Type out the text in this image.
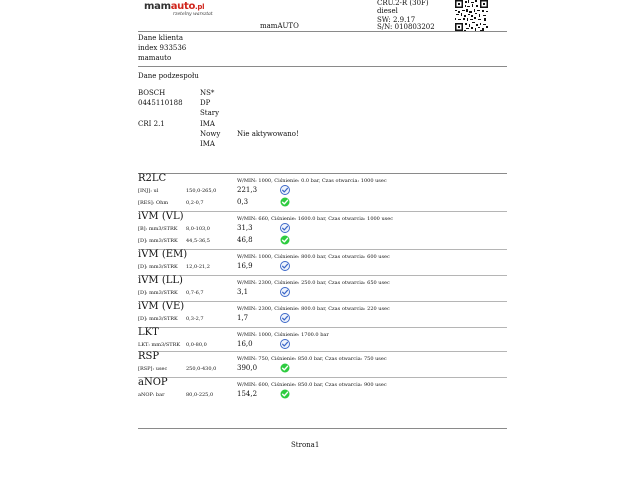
mamauto.pl
rzetelny warsztat
mamAUTO
CRU.2-R (30F)
diesel
SW: 2.9.17
S/N: 010803202
Dane klienta
index 933536
mamauto
Dane podzespołu
BOSCH
0445110188
CRI 2.1
NS*
DP
Stary
IMA
Nowy
IMA
Nie aktywowano!
R2LC	W/MIN: 1000, Ciśnienie: 0.0 bar, Czas otwarcia: 1000 usec
[INJ]: ul	150,0-265,0	221,3
[RES]: Ohm	0,2-0,7	0,3
iVM (VL)	W/MIN: 660, Ciśnienie: 1600.0 bar, Czas otwarcia: 1000 usec
[B]: mm3/STRK 8,0-103,0	31,3
[D]: mm3/STRK 44,5-36,5	46,8
iVM (EM)	W/MIN: 1000, Ciśnienie: 800.0 bar, Czas otwarcia: 600 usec
[D]: mm3/STRK 12,0-21,2	16,9
iVM (LL)	W/MIN: 2300, Ciśnienie: 250.0 bar, Czas otwarcia: 650 usec
[D]: mm3/STRK 0,7-6,7	3,1
iVM (VE)	W/MIN: 2300, Ciśnienie: 800.0 bar, Czas otwarcia: 220 usec
[D]: mm3/STRK 0,3-2,7	1,7
LKT	W/MIN: 1000, Ciśnienie: 1700.0 bar
LKT: mm3/STRK 0,0-80,0	16,0
RSP	W/MIN: 750, Ciśnienie: 850.0 bar, Czas otwarcia: 750 usec
[RSP]: usec	250,0-430,0	390,0
aNOP	W/MIN: 600, Ciśnienie: 850.0 bar, Czas otwarcia: 900 usec
aNOP: bar	80,0-225,0	154,2
Strona1
